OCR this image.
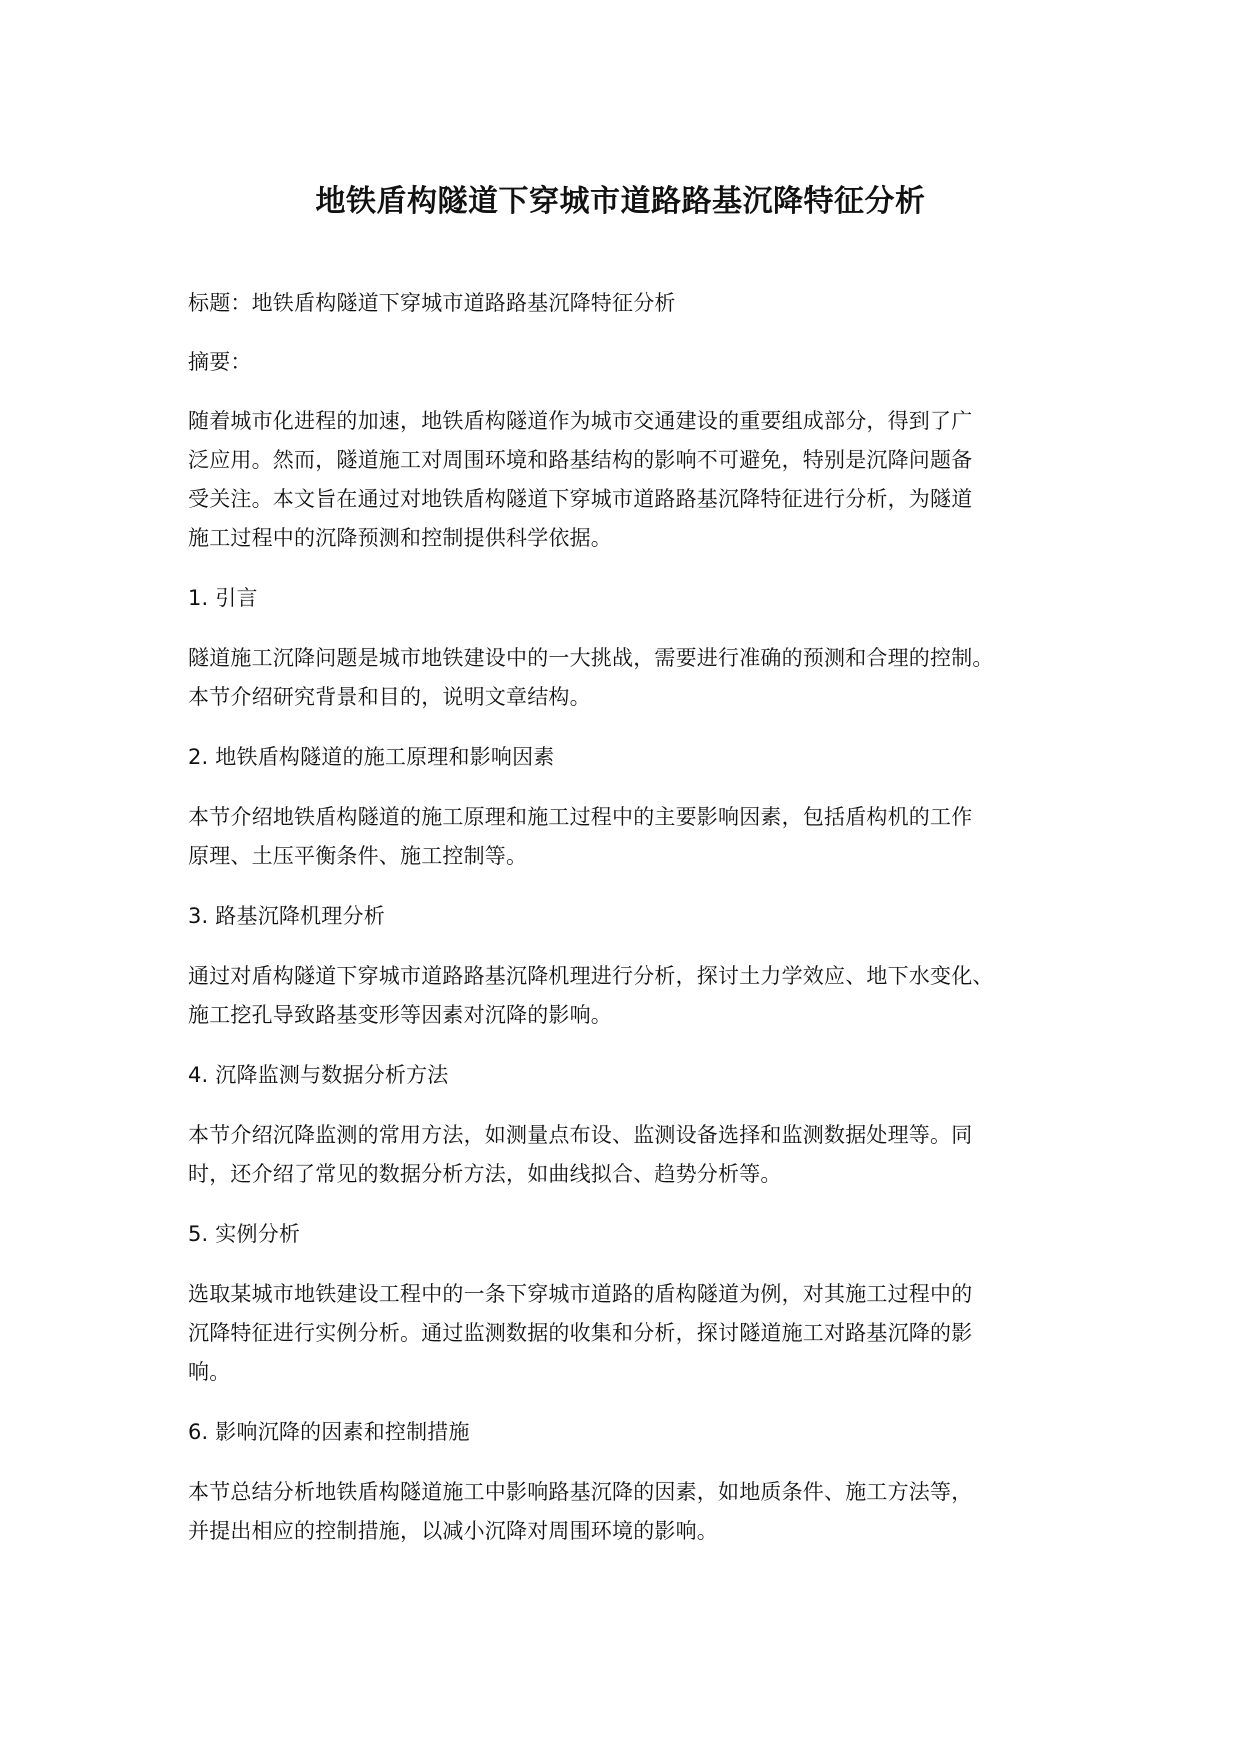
地铁盾构隧道下穿城市道路路基沉降特征分析

标题：地铁盾构隧道下穿城市道路路基沉降特征分析

摘要：

随着城市化进程的加速，地铁盾构隧道作为城市交通建设的重要组成部分，得到了广

泛应用。然而，隧道施工对周围环境和路基结构的影响不可避免，特别是沉降问题备

受关注。本文旨在通过对地铁盾构隧道下穿城市道路路基沉降特征进行分析，为隧道

施工过程中的沉降预测和控制提供科学依据。

1. 引言

隧道施工沉降问题是城市地铁建设中的一大挑战，需要进行准确的预测和合理的控制。

本节介绍研究背景和目的，说明文章结构。

2. 地铁盾构隧道的施工原理和影响因素

本节介绍地铁盾构隧道的施工原理和施工过程中的主要影响因素，包括盾构机的工作

原理、土压平衡条件、施工控制等。

3. 路基沉降机理分析

通过对盾构隧道下穿城市道路路基沉降机理进行分析，探讨土力学效应、地下水变化、

施工挖孔导致路基变形等因素对沉降的影响。

4. 沉降监测与数据分析方法

本节介绍沉降监测的常用方法，如测量点布设、监测设备选择和监测数据处理等。同

时，还介绍了常见的数据分析方法，如曲线拟合、趋势分析等。

5. 实例分析

选取某城市地铁建设工程中的一条下穿城市道路的盾构隧道为例，对其施工过程中的

沉降特征进行实例分析。通过监测数据的收集和分析，探讨隧道施工对路基沉降的影

响。

6. 影响沉降的因素和控制措施

本节总结分析地铁盾构隧道施工中影响路基沉降的因素，如地质条件、施工方法等，

并提出相应的控制措施，以减小沉降对周围环境的影响。
